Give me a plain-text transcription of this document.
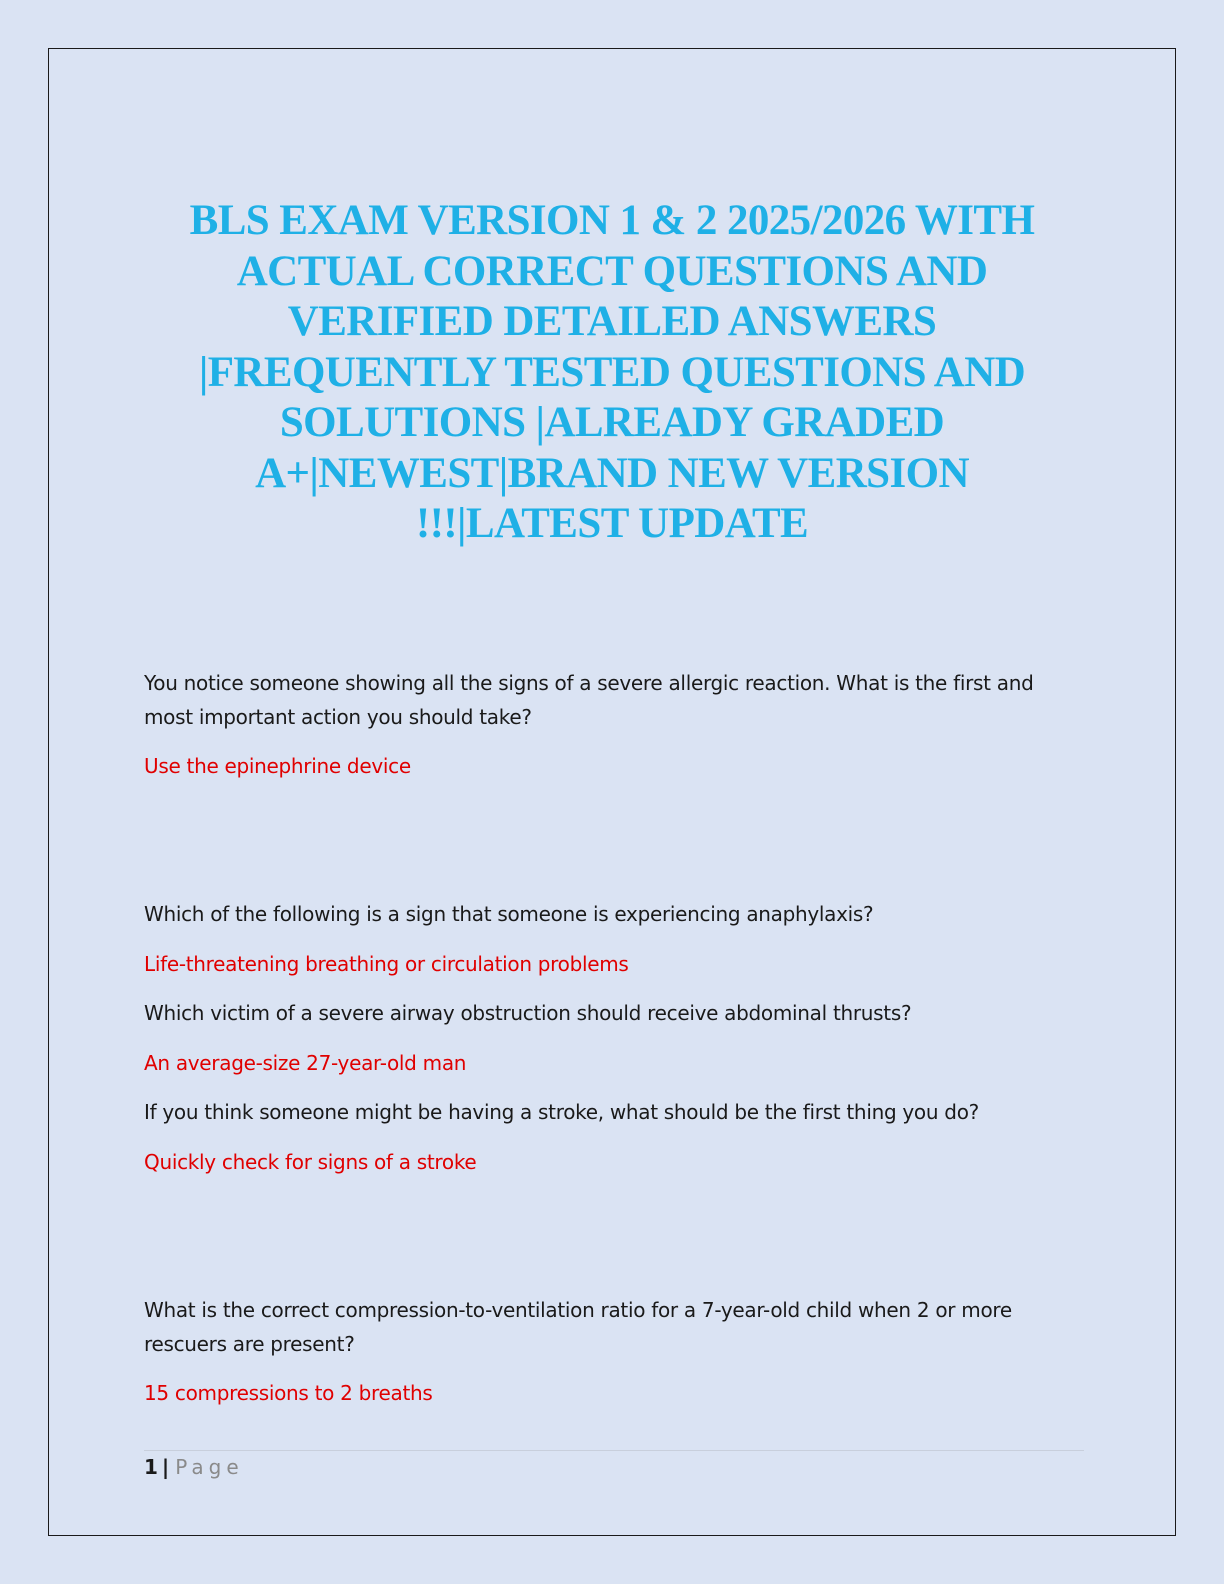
BLS EXAM VERSION 1 & 2 2025/2026 WITH ACTUAL CORRECT QUESTIONS AND VERIFIED DETAILED ANSWERS |FREQUENTLY TESTED QUESTIONS AND SOLUTIONS |ALREADY GRADED A+|NEWEST|BRAND NEW VERSION !!!|LATEST UPDATE

You notice someone showing all the signs of a severe allergic reaction. What is the first and most important action you should take?

Use the epinephrine device

Which of the following is a sign that someone is experiencing anaphylaxis?

Life-threatening breathing or circulation problems

Which victim of a severe airway obstruction should receive abdominal thrusts?

An average-size 27-year-old man

If you think someone might be having a stroke, what should be the first thing you do?

Quickly check for signs of a stroke

What is the correct compression-to-ventilation ratio for a 7-year-old child when 2 or more rescuers are present?

15 compressions to 2 breaths

1 | Page
